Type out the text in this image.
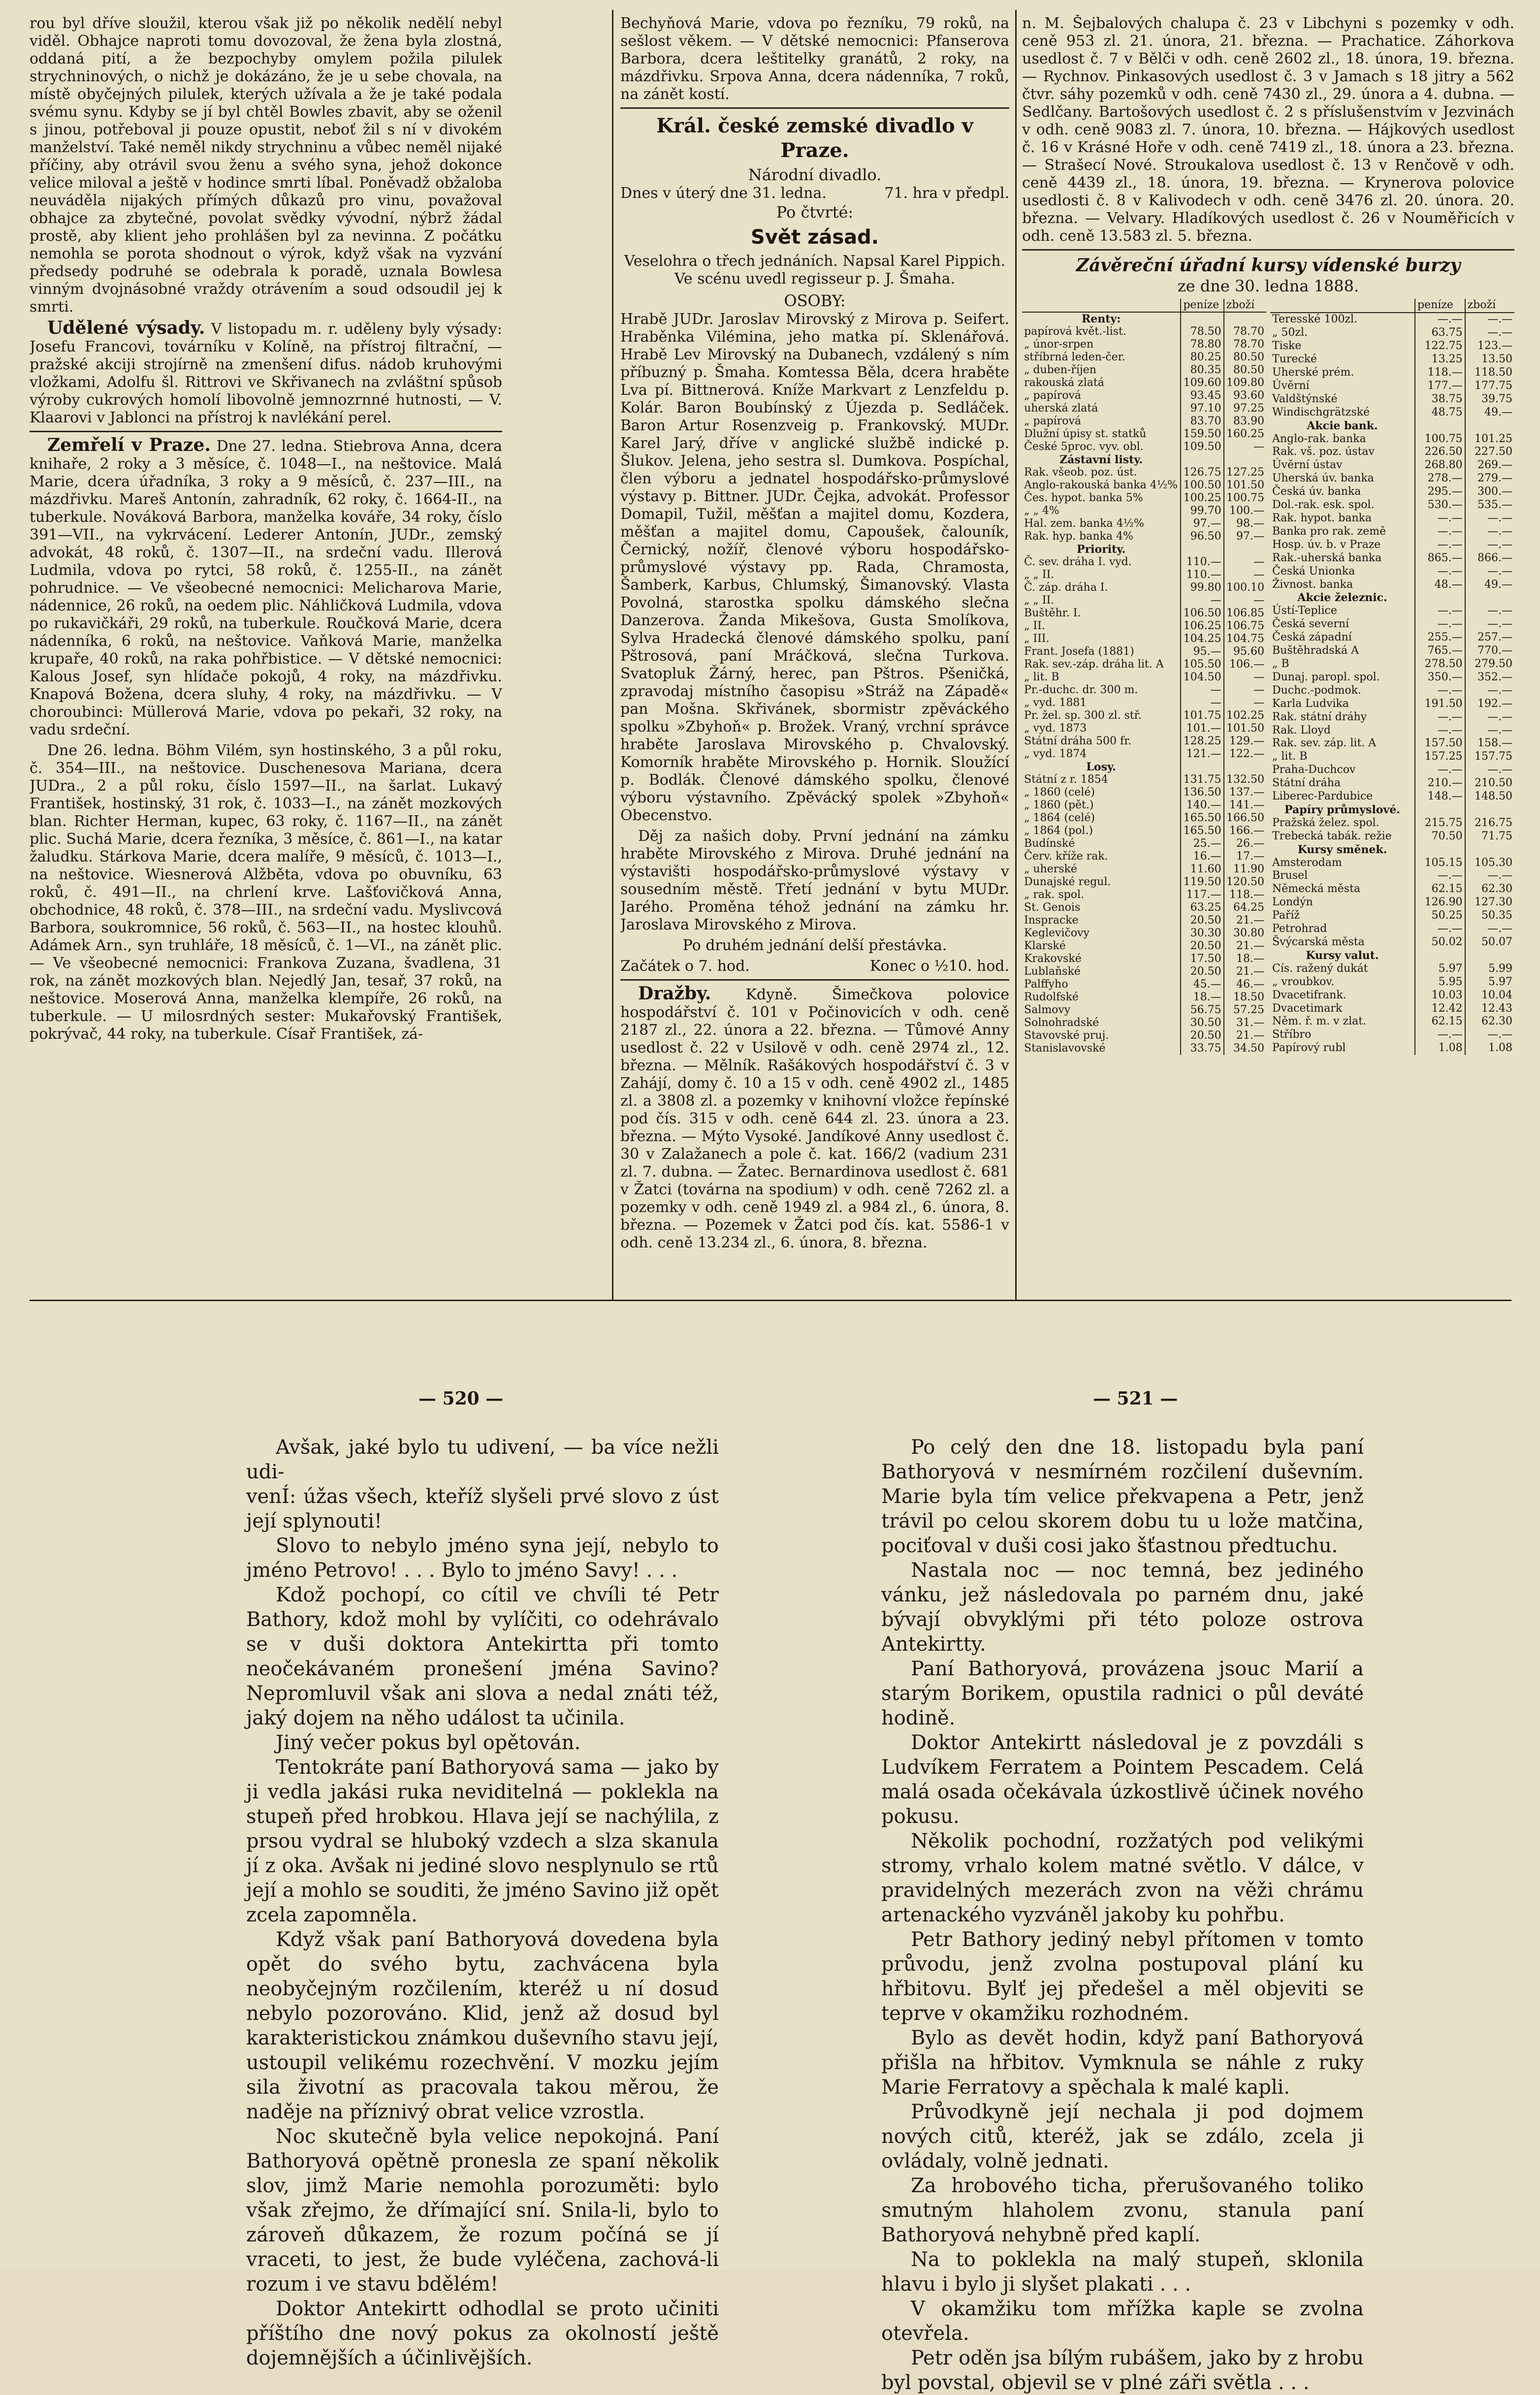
rou byl dříve sloužil, kterou však již po několik nedělí nebyl viděl. Obhajce naproti tomu dovozoval, že žena byla zlostná, oddaná pití, a že bezpochyby omylem požila pilulek strychninových, o nichž je dokázáno, že je u sebe chovala, na místě obyčejných pilulek, kterých užívala a že je také podala svému synu. Kdyby se jí byl chtěl Bowles zbavit, aby se oženil s jinou, potřeboval ji pouze opustit, neboť žil s ní v divokém manželství. Také neměl nikdy strychninu a vůbec neměl nijaké příčiny, aby otrávil svou ženu a svého syna, jehož dokonce velice miloval a ještě v hodince smrti líbal. Poněvadž obžaloba neuváděla nijakých přímých důkazů pro vinu, považoval obhajce za zbytečné, povolat svědky vývodní, nýbrž žádal prostě, aby klient jeho prohlášen byl za nevinna. Z počátku nemohla se porota shodnout o výrok, když však na vyzvání předsedy podruhé se odebrala k poradě, uznala Bowlesa vinným dvojnásobné vraždy otrávením a soud odsoudil jej k smrti.

Udělené výsady. V listopadu m. r. uděleny byly výsady: Josefu Francovi, továrníku v Kolíně, na přístroj filtrační, — pražské akciji strojírně na zmenšení difus. nádob kruhovými vložkami, Adolfu šl. Rittrovi ve Skřivanech na zvláštní spůsob výroby cukrových homolí libovolně jemnozrnné hutnosti, — V. Klaarovi v Jablonci na přístroj k navlékání perel.

Zemřelí v Praze. Dne 27. ledna. Stiebrova Anna, dcera knihaře, 2 roky a 3 měsíce, č. 1048—I., na neštovice. Malá Marie, dcera úřadníka, 3 roky a 9 měsíců, č. 237—III., na mázdřivku. Mareš Antonín, zahradník, 62 roky, č. 1664-II., na tuberkule. Nováková Barbora, manželka kováře, 34 roky, číslo 391—VII., na vykrvácení. Lederer Antonín, JUDr., zemský advokát, 48 roků, č. 1307—II., na srdeční vadu. Illerová Ludmila, vdova po rytci, 58 roků, č. 1255-II., na zánět pohrudnice. — Ve všeobecné nemocnici: Melicharova Marie, nádennice, 26 roků, na oedem plic. Náhličková Ludmila, vdova po rukavičkáři, 29 roků, na tuberkule. Roučková Marie, dcera nádenníka, 6 roků, na neštovice. Vaňková Marie, manželka krupaře, 40 roků, na raka pohřbistice. — V dětské nemocnici: Kalous Josef, syn hlídače pokojů, 4 roky, na mázdřivku. Knapová Božena, dcera sluhy, 4 roky, na mázdřivku. — V choroubinci: Müllerová Marie, vdova po pekaři, 32 roky, na vadu srdeční.

Dne 26. ledna. Böhm Vilém, syn hostinského, 3 a půl roku, č. 354—III., na neštovice. Duschenesova Mariana, dcera JUDra., 2 a půl roku, číslo 1597—II., na šarlat. Lukavý František, hostinský, 31 rok, č. 1033—I., na zánět mozkových blan. Richter Herman, kupec, 63 roky, č. 1167—II., na zánět plic. Suchá Marie, dcera řezníka, 3 měsíce, č. 861—I., na katar žaludku. Stárkova Marie, dcera malíře, 9 měsíců, č. 1013—I., na neštovice. Wiesnerová Alžběta, vdova po obuvníku, 63 roků, č. 491—II., na chrlení krve. Lašťovičková Anna, obchodnice, 48 roků, č. 378—III., na srdeční vadu. Myslivcová Barbora, soukromnice, 56 roků, č. 563—II., na hostec klouhů. Adámek Arn., syn truhláře, 18 měsíců, č. 1—VI., na zánět plic. — Ve všeobecné nemocnici: Frankova Zuzana, švadlena, 31 rok, na zánět mozkových blan. Nejedlý Jan, tesař, 37 roků, na neštovice. Moserová Anna, manželka klempíře, 26 roků, na tuberkule. — U milosrdných sester: Mukařovský František, pokrývač, 44 roky, na tuberkule. Císař František, zá-

Bechyňová Marie, vdova po řezníku, 79 roků, na sešlost věkem. — V dětské nemocnici: Pfanserova Barbora, dcera leštitelky granátů, 2 roky, na mázdřivku. Srpova Anna, dcera nádenníka, 7 roků, na zánět kostí.

Král. české zemské divadlo v Praze.
Národní divadlo.
Dnes v úterý dne 31. ledna.	71. hra v předpl.
Po čtvrté:
Svět zásad.

Veselohra o třech jednáních. Napsal Karel Pippich. Ve scénu uvedl regisseur p. J. Šmaha.

OSOBY:

Hrabě JUDr. Jaroslav Mirovský z Mirova p. Seifert. Hraběnka Vilémina, jeho matka pí. Sklenářová. Hrabě Lev Mirovský na Dubanech, vzdálený s ním příbuzný p. Šmaha. Komtessa Běla, dcera hraběte Lva pí. Bittnerová. Kníže Markvart z Lenzfeldu p. Kolár. Baron Boubínský z Újezda p. Sedláček. Baron Artur Rosenzveig p. Frankovský. MUDr. Karel Jarý, dříve v anglické službě indické p. Šlukov. Jelena, jeho sestra sl. Dumkova. Pospíchal, člen výboru a jednatel hospodářsko-průmyslové výstavy p. Bittner. JUDr. Čejka, advokát. Professor Domapil, Tužil, měšťan a majitel domu, Kozdera, měšťan a majitel domu, Capoušek, čalouník, Černický, nožíř, členové výboru hospodářsko-průmyslové výstavy pp. Rada, Chramosta, Šamberk, Karbus, Chlumský, Šimanovský. Vlasta Povolná, starostka spolku dámského slečna Danzerova. Žanda Mikešova, Gusta Smolíkova, Sylva Hradecká členové dámského spolku, paní Pštrosová, paní Mráčková, slečna Turkova. Svatopluk Žárný, herec, pan Pštros. Pšeničká, zpravodaj místního časopisu »Stráž na Západě« pan Mošna. Skřivánek, sbormistr zpěváckého spolku »Zbyhoň« p. Brožek. Vraný, vrchní správce hraběte Jaroslava Mirovského p. Chvalovský. Komorník hraběte Mirovského p. Hornik. Sloužící p. Bodlák. Členové dámského spolku, členové výboru výstavního. Zpěvácký spolek »Zbyhoň« Obecenstvo.

Děj za našich doby. První jednání na zámku hraběte Mirovského z Mirova. Druhé jednání na výstavišti hospodářsko-průmyslové výstavy v sousedním městě. Třetí jednání v bytu MUDr. Jarého. Proměna téhož jednání na zámku hr. Jaroslava Mirovského z Mirova.

Po druhém jednání delší přestávka.

Začátek o 7. hod.	Konec o ½10. hod.

Dražby. Kdyně. Šimečkova polovice hospodářství č. 101 v Počinovicích v odh. ceně 2187 zl., 22. února a 22. března. — Tůmové Anny usedlost č. 22 v Usilově v odh. ceně 2974 zl., 12. března. — Mělník. Rašákových hospodářství č. 3 v Zahájí, domy č. 10 a 15 v odh. ceně 4902 zl., 1485 zl. a 3808 zl. a pozemky v knihovní vložce řepínské pod čís. 315 v odh. ceně 644 zl. 23. února a 23. března. — Mýto Vysoké. Jandíkové Anny usedlost č. 30 v Zalažanech a pole č. kat. 166/2 (vadium 231 zl. 7. dubna. — Žatec. Bernardinova usedlost č. 681 v Žatci (továrna na spodium) v odh. ceně 7262 zl. a pozemky v odh. ceně 1949 zl. a 984 zl., 6. února, 8. března. — Pozemek v Žatci pod čís. kat. 5586-1 v odh. ceně 13.234 zl., 6. února, 8. března.

n. M. Šejbalových chalupa č. 23 v Libchyni s pozemky v odh. ceně 953 zl. 21. února, 21. března. — Prachatice. Záhorkova usedlost č. 7 v Bělči v odh. ceně 2602 zl., 18. února, 19. března. — Rychnov. Pinkasových usedlost č. 3 v Jamach s 18 jitry a 562 čtvr. sáhy pozemků v odh. ceně 7430 zl., 29. února a 4. dubna. — Sedlčany. Bartošových usedlost č. 2 s příslušenstvím v Jezvinách v odh. ceně 9083 zl. 7. února, 10. března. — Hájkových usedlost č. 16 v Krásné Hoře v odh. ceně 7419 zl., 18. února a 23. března. — Strašecí Nové. Stroukalova usedlost č. 13 v Renčově v odh. ceně 4439 zl., 18. února, 19. března. — Krynerova polovice usedlosti č. 8 v Kalivodech v odh. ceně 3476 zl. 20. února. 20. března. — Velvary. Hladíkových usedlost č. 26 v Nouměřicích v odh. ceně 13.583 zl. 5. března.

Závěreční úřadní kursy vídenské burzy
ze dne 30. ledna 1888.
	peníze	zboží
Renty:		
papírová květ.-list.	78.50	78.70
„ únor-srpen	78.80	78.70
stříbrná leden-čer.	80.25	80.50
„ duben-říjen	80.35	80.50
rakouská zlatá	109.60	109.80
„ papírová	93.45	93.60
uherská zlatá	97.10	97.25
„ papírová	83.70	83.90
Dlužní úpisy st. statků	159.50	160.25
České 5proc. vyv. obl.	109.50	—
Zástavní listy.		
Rak. všeob. poz. úst.	126.75	127.25
Anglo-rakouská banka 4½%	100.50	101.50
Čes. hypot. banka 5%	100.25	100.75
„ „ 4%	99.70	100.—
Hal. zem. banka 4½%	97.—	98.—
Rak. hyp. banka 4%	96.50	97.—
Priority.		
Č. sev. dráha I. vyd.	110.—	—
„ „ II.	110.—	—
Č. záp. dráha I.	99.80	100.10
„ „ II.	—	—
Buštěhr. I.	106.50	106.85
„ II.	106.25	106.75
„ III.	104.25	104.75
Frant. Josefa (1881)	95.—	95.60
Rak. sev.-záp. dráha lit. A	105.50	106.—
„ lit. B	104.50	—
Pr.-duchc. dr. 300 m.	—	—
„ vyd. 1881	—	—
Pr. žel. sp. 300 zl. stř.	101.75	102.25
„ vyd. 1873	101.—	101.50
Státní dráha 500 fr.	128.25	129.—
„ vyd. 1874	121.—	122.—
Losy.		
Státní z r. 1854	131.75	132.50
„ 1860 (celé)	136.50	137.—
„ 1860 (pět.)	140.—	141.—
„ 1864 (celé)	165.50	166.50
„ 1864 (pol.)	165.50	166.—
Budínské	25.—	26.—
Červ. kříže rak.	16.—	17.—
„ uherské	11.60	11.90
Dunajské regul.	119.50	120.50
„ rak. spol.	117.—	118.—
St. Genois	63.25	64.25
Inspracke	20.50	21.—
Keglevičovy	30.30	30.80
Klarské	20.50	21.—
Krakovské	17.50	18.—
Lublaňské	20.50	21.—
Palffyho	45.—	46.—
Rudolfské	18.—	18.50
Salmovy	56.75	57.25
Solnohradské	30.50	31.—
Stavovské pruj.	20.50	21.—
Stanislavovské	33.75	34.50
	peníze	zboží
Teresské 100zl.	—.—	—.—
„ 50zl.	63.75	—.—
Tiske	122.75	123.—
Turecké	13.25	13.50
Uherské prém.	118.—	118.50
Úvěrní	177.—	177.75
Valdštýnské	38.75	39.75
Windischgrätzské	48.75	49.—
Akcie bank.		
Anglo-rak. banka	100.75	101.25
Rak. vš. poz. ústav	226.50	227.50
Úvěrní ústav	268.80	269.—
Uherská úv. banka	278.—	279.—
Česká úv. banka	295.—	300.—
Dol.-rak. esk. spol.	530.—	535.—
Rak. hypot. banka	—.—	—.—
Banka pro rak. země	—.—	—.—
Hosp. úv. b. v Praze	—.—	—.—
Rak.-uherská banka	865.—	866.—
Česká Unionka	—.—	—.—
Živnost. banka	48.—	49.—
Akcie železnic.		
Ústí-Teplice	—.—	—.—
Česká severní	—.—	—.—
Česká západní	255.—	257.—
Buštěhradská A	765.—	770.—
„ B	278.50	279.50
Dunaj. paropl. spol.	350.—	352.—
Duchc.-podmok.	—.—	—.—
Karla Ludvika	191.50	192.—
Rak. státní dráhy	—.—	—.—
Rak. Lloyd	—.—	—.—
Rak. sev. záp. lit. A	157.50	158.—
„ lit. B	157.25	157.75
Praha-Duchcov	—.—	—.—
Státní dráha	210.—	210.50
Liberec-Pardubice	148.—	148.50
Papíry průmyslové.		
Pražská želez. spol.	215.75	216.75
Trebecká tabák. režie	70.50	71.75
Kursy směnek.		
Amsterodam	105.15	105.30
Brusel	—.—	—.—
Německá města	62.15	62.30
Londýn	126.90	127.30
Paříž	50.25	50.35
Petrohrad	—.—	—.—
Švýcarská města	50.02	50.07
Kursy valut.		
Cís. ražený dukát	5.97	5.99
„ vroubkov.	5.95	5.97
Dvacetifrank.	10.03	10.04
Dvacetimark	12.42	12.43
Něm. ř. m. v zlat.	62.15	62.30
Stříbro	—.—	—.—
Papírový rubl	1.08	1.08
— 520 —	— 521 —

Avšak, jaké bylo tu udivení, — ba více nežli udi-

venÍ: úžas všech, kteříž slyšeli prvé slovo z úst její splynouti!

Slovo to nebylo jméno syna její, nebylo to jméno Petrovo! . . . Bylo to jméno Savy! . . .

Kdož pochopí, co cítil ve chvíli té Petr Bathory, kdož mohl by vylíčiti, co odehrávalo se v duši doktora Antekirtta při tomto neočekávaném pronešení jména Savino? Nepromluvil však ani slova a nedal znáti též, jaký dojem na něho událost ta učinila.

Jiný večer pokus byl opětován.

Tentokráte paní Bathoryová sama — jako by ji vedla jakási ruka neviditelná — poklekla na stupeň před hrobkou. Hlava její se nachýlila, z prsou vydral se hluboký vzdech a slza skanula jí z oka. Avšak ni jediné slovo nesplynulo se rtů její a mohlo se souditi, že jméno Savino již opět zcela zapomněla.

Když však paní Bathoryová dovedena byla opět do svého bytu, zachvácena byla neobyčejným rozčilením, kteréž u ní dosud nebylo pozorováno. Klid, jenž až dosud byl karakteristickou známkou duševního stavu její, ustoupil velikému rozechvění. V mozku jejím sila životní as pracovala takou měrou, že naděje na příznivý obrat velice vzrostla.

Noc skutečně byla velice nepokojná. Paní Bathoryová opětně pronesla ze spaní několik slov, jimž Marie nemohla porozuměti: bylo však zřejmo, že dřímající sní. Snila-li, bylo to zároveň důkazem, že rozum počíná se jí vraceti, to jest, že bude vyléčena, zachová-li rozum i ve stavu bdělém!

Doktor Antekirtt odhodlal se proto učiniti příštího dne nový pokus za okolností ještě dojemnějších a účinlivějších.

Po celý den dne 18. listopadu byla paní Bathoryová v nesmírném rozčilení duševním. Marie byla tím velice překvapena a Petr, jenž trávil po celou skorem dobu tu u lože matčina, pociťoval v duši cosi jako šťastnou předtuchu.

Nastala noc — noc temná, bez jediného vánku, jež následovala po parném dnu, jaké bývají obvyklými při této poloze ostrova Antekirtty.

Paní Bathoryová, provázena jsouc Marií a starým Borikem, opustila radnici o půl deváté hodině.

Doktor Antekirtt následoval je z povzdáli s Ludvíkem Ferratem a Pointem Pescadem. Celá malá osada očekávala úzkostlivě účinek nového pokusu.

Několik pochodní, rozžatých pod velikými stromy, vrhalo kolem matné světlo. V dálce, v pravidelných mezerách zvon na věži chrámu artenackého vyzváněl jakoby ku pohřbu.

Petr Bathory jediný nebyl přítomen v tomto průvodu, jenž zvolna postupoval plání ku hřbitovu. Bylť jej předešel a měl objeviti se teprve v okamžiku rozhodném.

Bylo as devět hodin, když paní Bathoryová přišla na hřbitov. Vymknula se náhle z ruky Marie Ferratovy a spěchala k malé kapli.

Průvodkyně její nechala ji pod dojmem nových citů, kteréž, jak se zdálo, zcela ji ovládaly, volně jednati.

Za hrobového ticha, přerušovaného toliko smutným hlaholem zvonu, stanula paní Bathoryová nehybně před kaplí.

Na to poklekla na malý stupeň, sklonila hlavu i bylo ji slyšet plakati . . .

V okamžiku tom mřížka kaple se zvolna otevřela.

Petr oděn jsa bílým rubášem, jako by z hrobu byl povstal, objevil se v plné záři světla . . .
